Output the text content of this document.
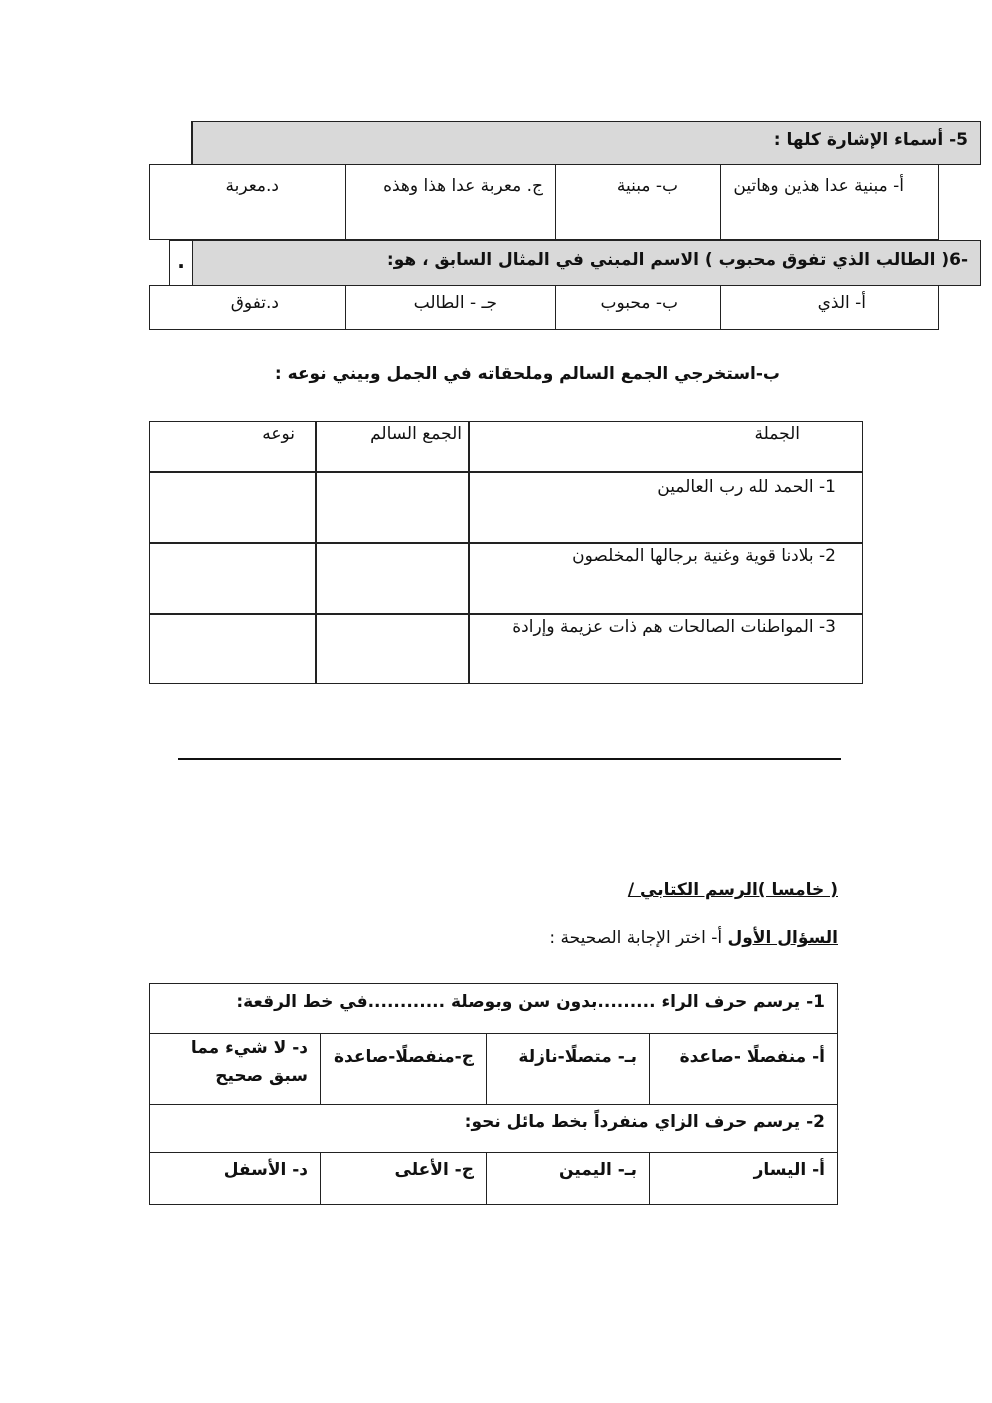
5- أسماء الإشارة كلها :
أ- مبنية عدا هذين وهاتين
ب- مبنية
ج. معربة عدا هذا وهذه
د.معربة
-6( الطالب الذي تفوق محبوب ) الاسم المبني في المثال السابق ، هو:
.
أ- الذي
ب- محبوب
جـ - الطالب
د.تفوق
ب-استخرجي الجمع السالم وملحقاته في الجمل وبيني نوعه :
الجملة
الجمع السالم
نوعه
1- الحمد لله رب العالمين
2- بلادنا قوية وغنية برجالها المخلصون
3- المواطنات الصالحات هم ذات عزيمة وإرادة
( خامسا )الرسم الكتابي /
السؤال الأول أ- اختر الإجابة الصحيحة :
1- يرسم حرف الراء .........بدون سن وبوصلة ............في خط الرقعة:
أ- منفصلًا -صاعدة
بـ- متصلًا-نازلة
ج-منفصلًا-صاعدة
د- لا شيء مما سبق صحيح
2- يرسم حرف الزاي منفرداً بخط مائل نحو:
أ- اليسار
بـ- اليمين
ج- الأعلى
د- الأسفل
